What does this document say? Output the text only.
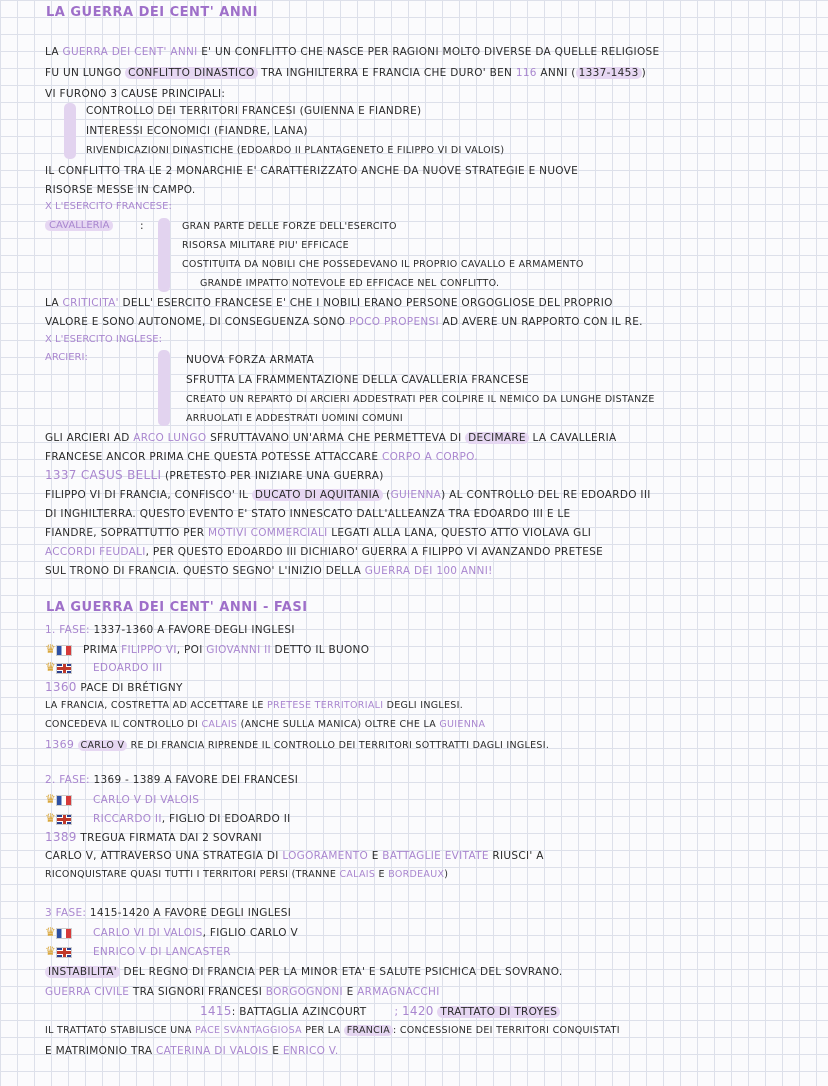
LA GUERRA DEI CENT' ANNI
LA GUERRA DEI CENT' ANNI E' UN CONFLITTO CHE NASCE PER RAGIONI MOLTO DIVERSE DA QUELLE RELIGIOSE
FU UN LUNGO CONFLITTO DINASTICO TRA INGHILTERRA E FRANCIA CHE DURO' BEN 116 ANNI ( 1337-1453 )
VI FURONO 3 CAUSE PRINCIPALI:
CONTROLLO DEI TERRITORI FRANCESI (GUIENNA E FIANDRE)
INTERESSI ECONOMICI (FIANDRE, LANA)
RIVENDICAZIONI DINASTICHE (EDOARDO II PLANTAGENETO E FILIPPO VI DI VALOIS)
IL CONFLITTO TRA LE 2 MONARCHIE E' CARATTERIZZATO ANCHE DA NUOVE STRATEGIE E NUOVE
RISORSE MESSE IN CAMPO.
X L'ESERCITO FRANCESE:
CAVALLERIA	:	GRAN PARTE DELLE FORZE DELL'ESERCITO
RISORSA MILITARE PIU' EFFICACE
COSTITUITA DA NOBILI CHE POSSEDEVANO IL PROPRIO CAVALLO E ARMAMENTO
GRANDE IMPATTO NOTEVOLE ED EFFICACE NEL CONFLITTO.
LA CRITICITA' DELL' ESERCITO FRANCESE E' CHE I NOBILI ERANO PERSONE ORGOGLIOSE DEL PROPRIO
VALORE E SONO AUTONOME, DI CONSEGUENZA SONO POCO PROPENSI AD AVERE UN RAPPORTO CON IL RE.
X L'ESERCITO INGLESE:
ARCIERI:	NUOVA FORZA ARMATA
SFRUTTA LA FRAMMENTAZIONE DELLA CAVALLERIA FRANCESE
CREATO UN REPARTO DI ARCIERI ADDESTRATI PER COLPIRE IL NEMICO DA LUNGHE DISTANZE
ARRUOLATI E ADDESTRATI UOMINI COMUNI
GLI ARCIERI AD ARCO LUNGO SFRUTTAVANO UN'ARMA CHE PERMETTEVA DI DECIMARE LA CAVALLERIA
FRANCESE ANCOR PRIMA CHE QUESTA POTESSE ATTACCARE CORPO A CORPO.
1337 CASUS BELLI (PRETESTO PER INIZIARE UNA GUERRA)
FILIPPO VI DI FRANCIA, CONFISCO' IL DUCATO DI AQUITANIA (GUIENNA) AL CONTROLLO DEL RE EDOARDO III
DI INGHILTERRA. QUESTO EVENTO E' STATO INNESCATO DALL'ALLEANZA TRA EDOARDO III E LE
FIANDRE, SOPRATTUTTO PER MOTIVI COMMERCIALI LEGATI ALLA LANA, QUESTO ATTO VIOLAVA GLI
ACCORDI FEUDALI, PER QUESTO EDOARDO III DICHIARO' GUERRA A FILIPPO VI AVANZANDO PRETESE
SUL TRONO DI FRANCIA. QUESTO SEGNO' L'INIZIO DELLA GUERRA DEI 100 ANNI!
LA GUERRA DEI CENT' ANNI - FASI
1. FASE: 1337-1360 A FAVORE DEGLI INGLESI
♛	PRIMA FILIPPO VI, POI GIOVANNI II DETTO IL BUONO
♛	EDOARDO III
1360 PACE DI BRÉTIGNY
LA FRANCIA, COSTRETTA AD ACCETTARE LE PRETESE TERRITORIALI DEGLI INGLESI.
CONCEDEVA IL CONTROLLO DI CALAIS (ANCHE SULLA MANICA) OLTRE CHE LA GUIENNA
1369 CARLO V RE DI FRANCIA RIPRENDE IL CONTROLLO DEI TERRITORI SOTTRATTI DAGLI INGLESI.
2. FASE: 1369 - 1389 A FAVORE DEI FRANCESI
♛	CARLO V DI VALOIS
♛	RICCARDO II, FIGLIO DI EDOARDO II
1389 TREGUA FIRMATA DAI 2 SOVRANI
CARLO V, ATTRAVERSO UNA STRATEGIA DI LOGORAMENTO E BATTAGLIE EVITATE RIUSCI' A
RICONQUISTARE QUASI TUTTI I TERRITORI PERSI (TRANNE CALAIS E BORDEAUX)
3 FASE: 1415-1420 A FAVORE DEGLI INGLESI
♛	CARLO VI DI VALOIS, FIGLIO CARLO V
♛	ENRICO V DI LANCASTER
INSTABILITA' DEL REGNO DI FRANCIA PER LA MINOR ETA' E SALUTE PSICHICA DEL SOVRANO.
GUERRA CIVILE TRA SIGNORI FRANCESI BORGOGNONI E ARMAGNACCHI
1415: BATTAGLIA AZINCOURT	; 1420 TRATTATO DI TROYES
IL TRATTATO STABILISCE UNA PACE SVANTAGGIOSA PER LA FRANCIA : CONCESSIONE DEI TERRITORI CONQUISTATI
E MATRIMONIO TRA CATERINA DI VALOIS E ENRICO V.
